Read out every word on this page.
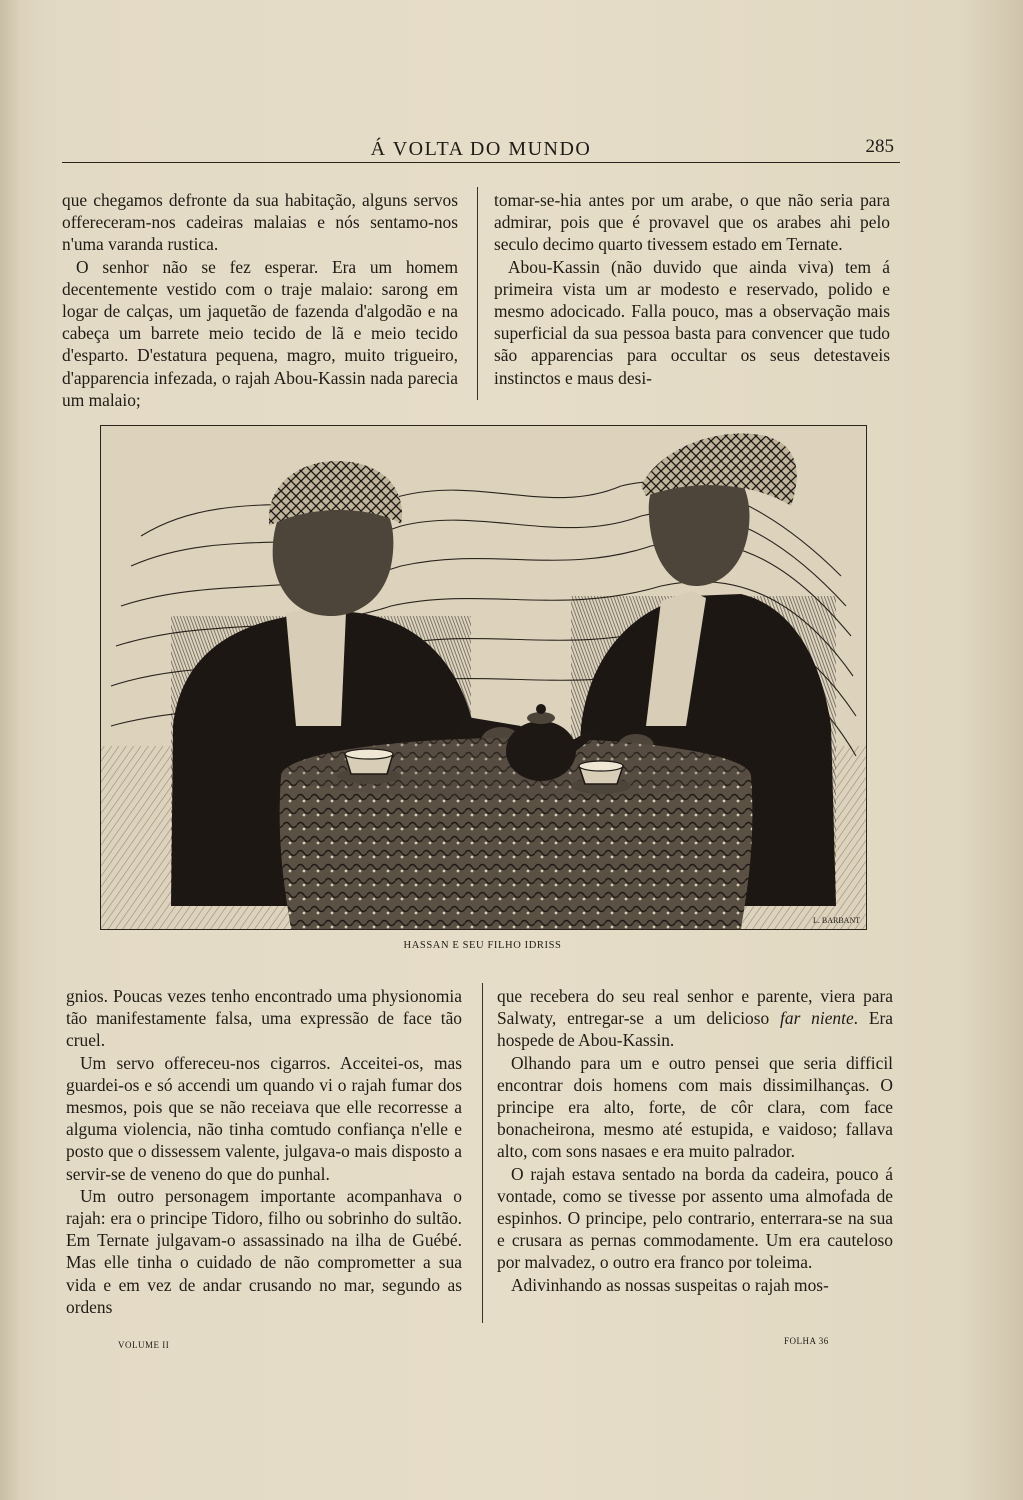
Á VOLTA DO MUNDO	285

que chegamos defronte da sua habitação, alguns servos offereceram-nos cadeiras malaias e nós sentamo-nos n'uma varanda rustica.

O senhor não se fez esperar. Era um homem decentemente vestido com o traje malaio: sarong em logar de calças, um jaquetão de fazenda d'algodão e na cabeça um barrete meio tecido de lã e meio tecido d'esparto. D'estatura pequena, magro, muito trigueiro, d'apparencia infezada, o rajah Abou-Kassin nada parecia um malaio;

tomar-se-hia antes por um arabe, o que não seria para admirar, pois que é provavel que os arabes ahi pelo seculo decimo quarto tivessem estado em Ternate.

Abou-Kassin (não duvido que ainda viva) tem á primeira vista um ar modesto e reservado, polido e mesmo adocicado. Falla pouco, mas a observação mais superficial da sua pessoa basta para convencer que tudo são apparencias para occultar os seus detestaveis instinctos e maus desi-

L. BARBANT
HASSAN E SEU FILHO IDRISS

gnios. Poucas vezes tenho encontrado uma physionomia tão manifestamente falsa, uma expressão de face tão cruel.

Um servo offereceu-nos cigarros. Acceitei-os, mas guardei-os e só accendi um quando vi o rajah fumar dos mesmos, pois que se não receiava que elle recorresse a alguma violencia, não tinha comtudo confiança n'elle e posto que o dissessem valente, julgava-o mais disposto a servir-se de veneno do que do punhal.

Um outro personagem importante acompanhava o rajah: era o principe Tidoro, filho ou sobrinho do sultão. Em Ternate julgavam-o assassinado na ilha de Guébé. Mas elle tinha o cuidado de não comprometter a sua vida e em vez de andar crusando no mar, segundo as ordens

que recebera do seu real senhor e parente, viera para Salwaty, entregar-se a um delicioso far niente. Era hospede de Abou-Kassin.

Olhando para um e outro pensei que seria difficil encontrar dois homens com mais dissimilhanças. O principe era alto, forte, de côr clara, com face bonacheirona, mesmo até estupida, e vaidoso; fallava alto, com sons nasaes e era muito palrador.

O rajah estava sentado na borda da cadeira, pouco á vontade, como se tivesse por assento uma almofada de espinhos. O principe, pelo contrario, enterrara-se na sua e crusara as pernas commodamente. Um era cauteloso por malvadez, o outro era franco por toleima.

Adivinhando as nossas suspeitas o rajah mos-

VOLUME II	FOLHA 36
